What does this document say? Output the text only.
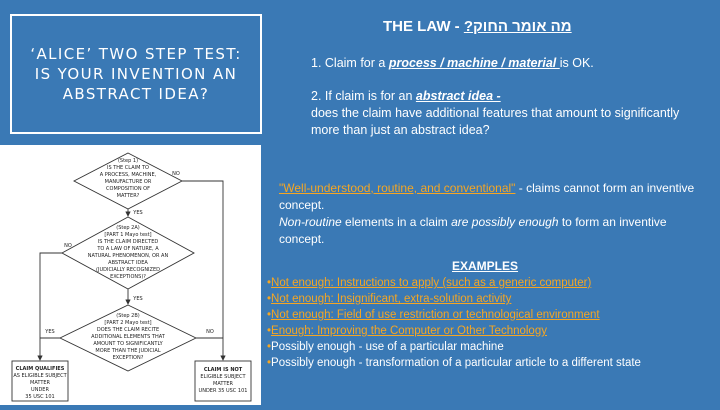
‘ALICE’ TWO STEP TEST:
IS YOUR INVENTION AN
ABSTRACT IDEA?
(Step 1)
IS THE CLAIM TO
A PROCESS, MACHINE,
MANUFACTURE OR
COMPOSITION OF
MATTER?
(Step 2A)
[PART 1 Mayo test]
IS THE CLAIM DIRECTED
TO A LAW OF NATURE, A
NATURAL PHENOMENON, OR AN
ABSTRACT IDEA
(JUDICIALLY RECOGNIZED
EXCEPTIONS)?
(Step 2B)
[PART 2 Mayo test]
DOES THE CLAIM RECITE
ADDITIONAL ELEMENTS THAT
AMOUNT TO SIGNIFICANTLY
MORE THAN THE JUDICIAL
EXCEPTION?
CLAIM QUALIFIES
AS ELIGIBLE SUBJECT
MATTER
UNDER
35 USC 101
CLAIM IS NOT
ELIGIBLE SUBJECT
MATTER
UNDER 35 USC 101
NO
YES
NO
YES
NO
YES
THE LAW - ?מה אומר החוק
1. Claim for a process / machine / material is OK.
2. If claim is for an abstract idea -
does the claim have additional features that amount to significantly more than just an abstract idea?
"Well-understood, routine, and conventional" - claims cannot form an inventive concept.
Non-routine elements in a claim are possibly enough to form an inventive concept.
EXAMPLES
•Not enough: Instructions to apply (such as a generic computer)
•Not enough: Insignificant, extra-solution activity
•Not enough: Field of use restriction or technological environment
•Enough: Improving the Computer or Other Technology
•Possibly enough - use of a particular machine
•Possibly enough - transformation of a particular article to a different state
